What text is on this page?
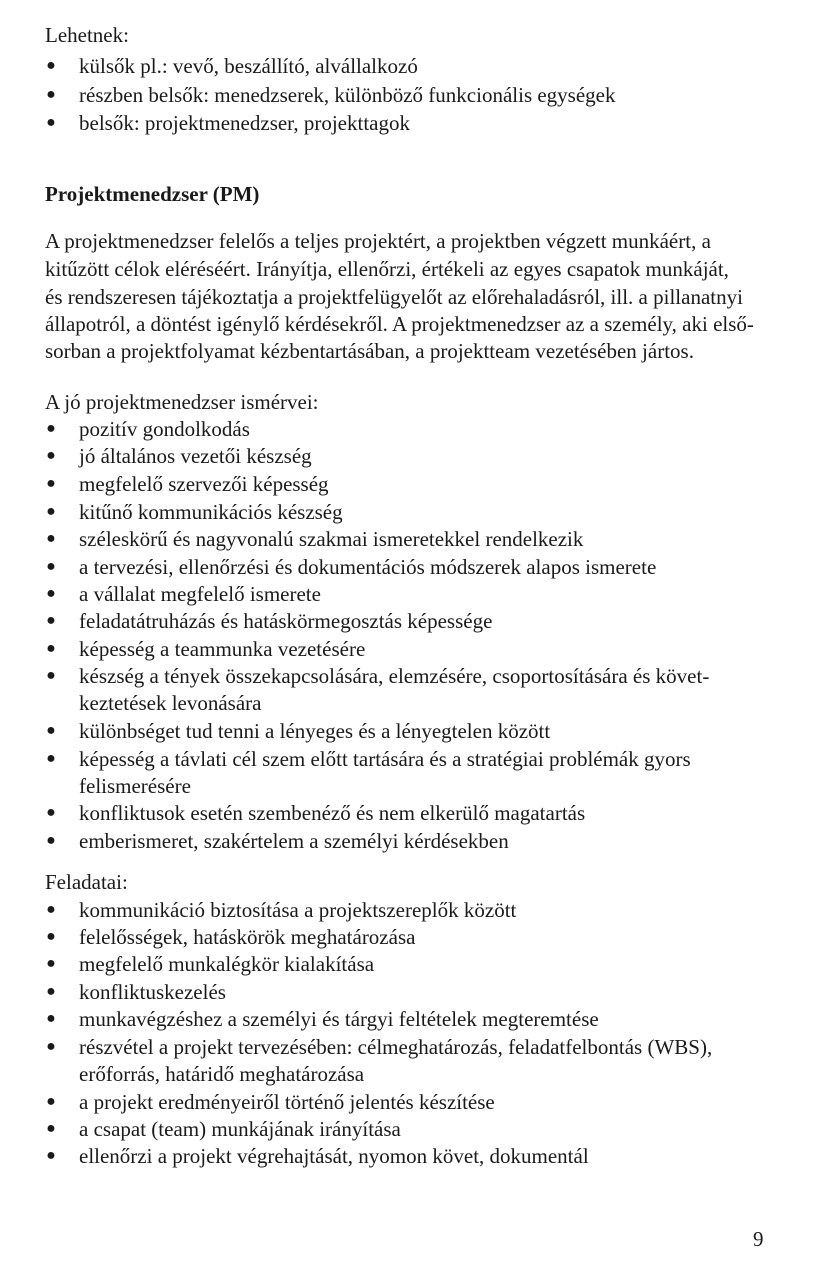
Lehetnek:
● külsők pl.: vevő, beszállító, alvállalkozó
● részben belsők: menedzserek, különböző funkcionális egységek
● belsők: projektmenedzser, projekttagok
Projektmenedzser (PM)
A projektmenedzser felelős a teljes projektért, a projektben végzett munkáért, a
kitűzött célok eléréséért. Irányítja, ellenőrzi, értékeli az egyes csapatok munkáját,
és rendszeresen tájékoztatja a projektfelügyelőt az előrehaladásról, ill. a pillanatnyi
állapotról, a döntést igénylő kérdésekről. A projektmenedzser az a személy, aki első-
sorban a projektfolyamat kézbentartásában, a projektteam vezetésében jártos.
A jó projektmenedzser ismérvei:
● pozitív gondolkodás
● jó általános vezetői készség
● megfelelő szervezői képesség
● kitűnő kommunikációs készség
● széleskörű és nagyvonalú szakmai ismeretekkel rendelkezik
● a tervezési, ellenőrzési és dokumentációs módszerek alapos ismerete
● a vállalat megfelelő ismerete
● feladatátruházás és hatáskörmegosztás képessége
● képesség a teammunka vezetésére
● készség a tények összekapcsolására, elemzésére, csoportosítására és követ-
keztetések levonására
● különbséget tud tenni a lényeges és a lényegtelen között
● képesség a távlati cél szem előtt tartására és a stratégiai problémák gyors
felismerésére
● konfliktusok esetén szembenéző és nem elkerülő magatartás
● emberismeret, szakértelem a személyi kérdésekben
Feladatai:
● kommunikáció biztosítása a projektszereplők között
● felelősségek, hatáskörök meghatározása
● megfelelő munkalégkör kialakítása
● konfliktuskezelés
● munkavégzéshez a személyi és tárgyi feltételek megteremtése
● részvétel a projekt tervezésében: célmeghatározás, feladatfelbontás (WBS),
erőforrás, határidő meghatározása
● a projekt eredményeiről történő jelentés készítése
● a csapat (team) munkájának irányítása
● ellenőrzi a projekt végrehajtását, nyomon követ, dokumentál
9
